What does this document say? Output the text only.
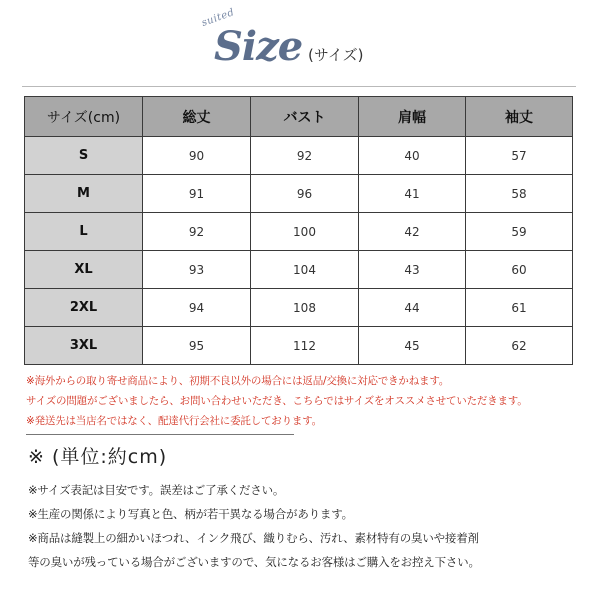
suited
Size (サイズ)
サイズ(cm)	総丈	バスト	肩幅	袖丈
S	90	92	40	57
M	91	96	41	58
L	92	100	42	59
XL	93	104	43	60
2XL	94	108	44	61
3XL	95	112	45	62
※海外からの取り寄せ商品により、初期不良以外の場合には返品/交換に対応できかねます。
サイズの問題がございましたら、お問い合わせいただき、こちらではサイズをオススメさせていただきます。
※発送先は当店名ではなく、配達代行会社に委託しております。
※ (単位:約cm)
※サイズ表記は目安です。誤差はご了承ください。
※生産の関係により写真と色、柄が若干異なる場合があります。
※商品は縫製上の細かいほつれ、インク飛び、織りむら、汚れ、素材特有の臭いや接着剤
等の臭いが残っている場合がございますので、気になるお客様はご購入をお控え下さい。
